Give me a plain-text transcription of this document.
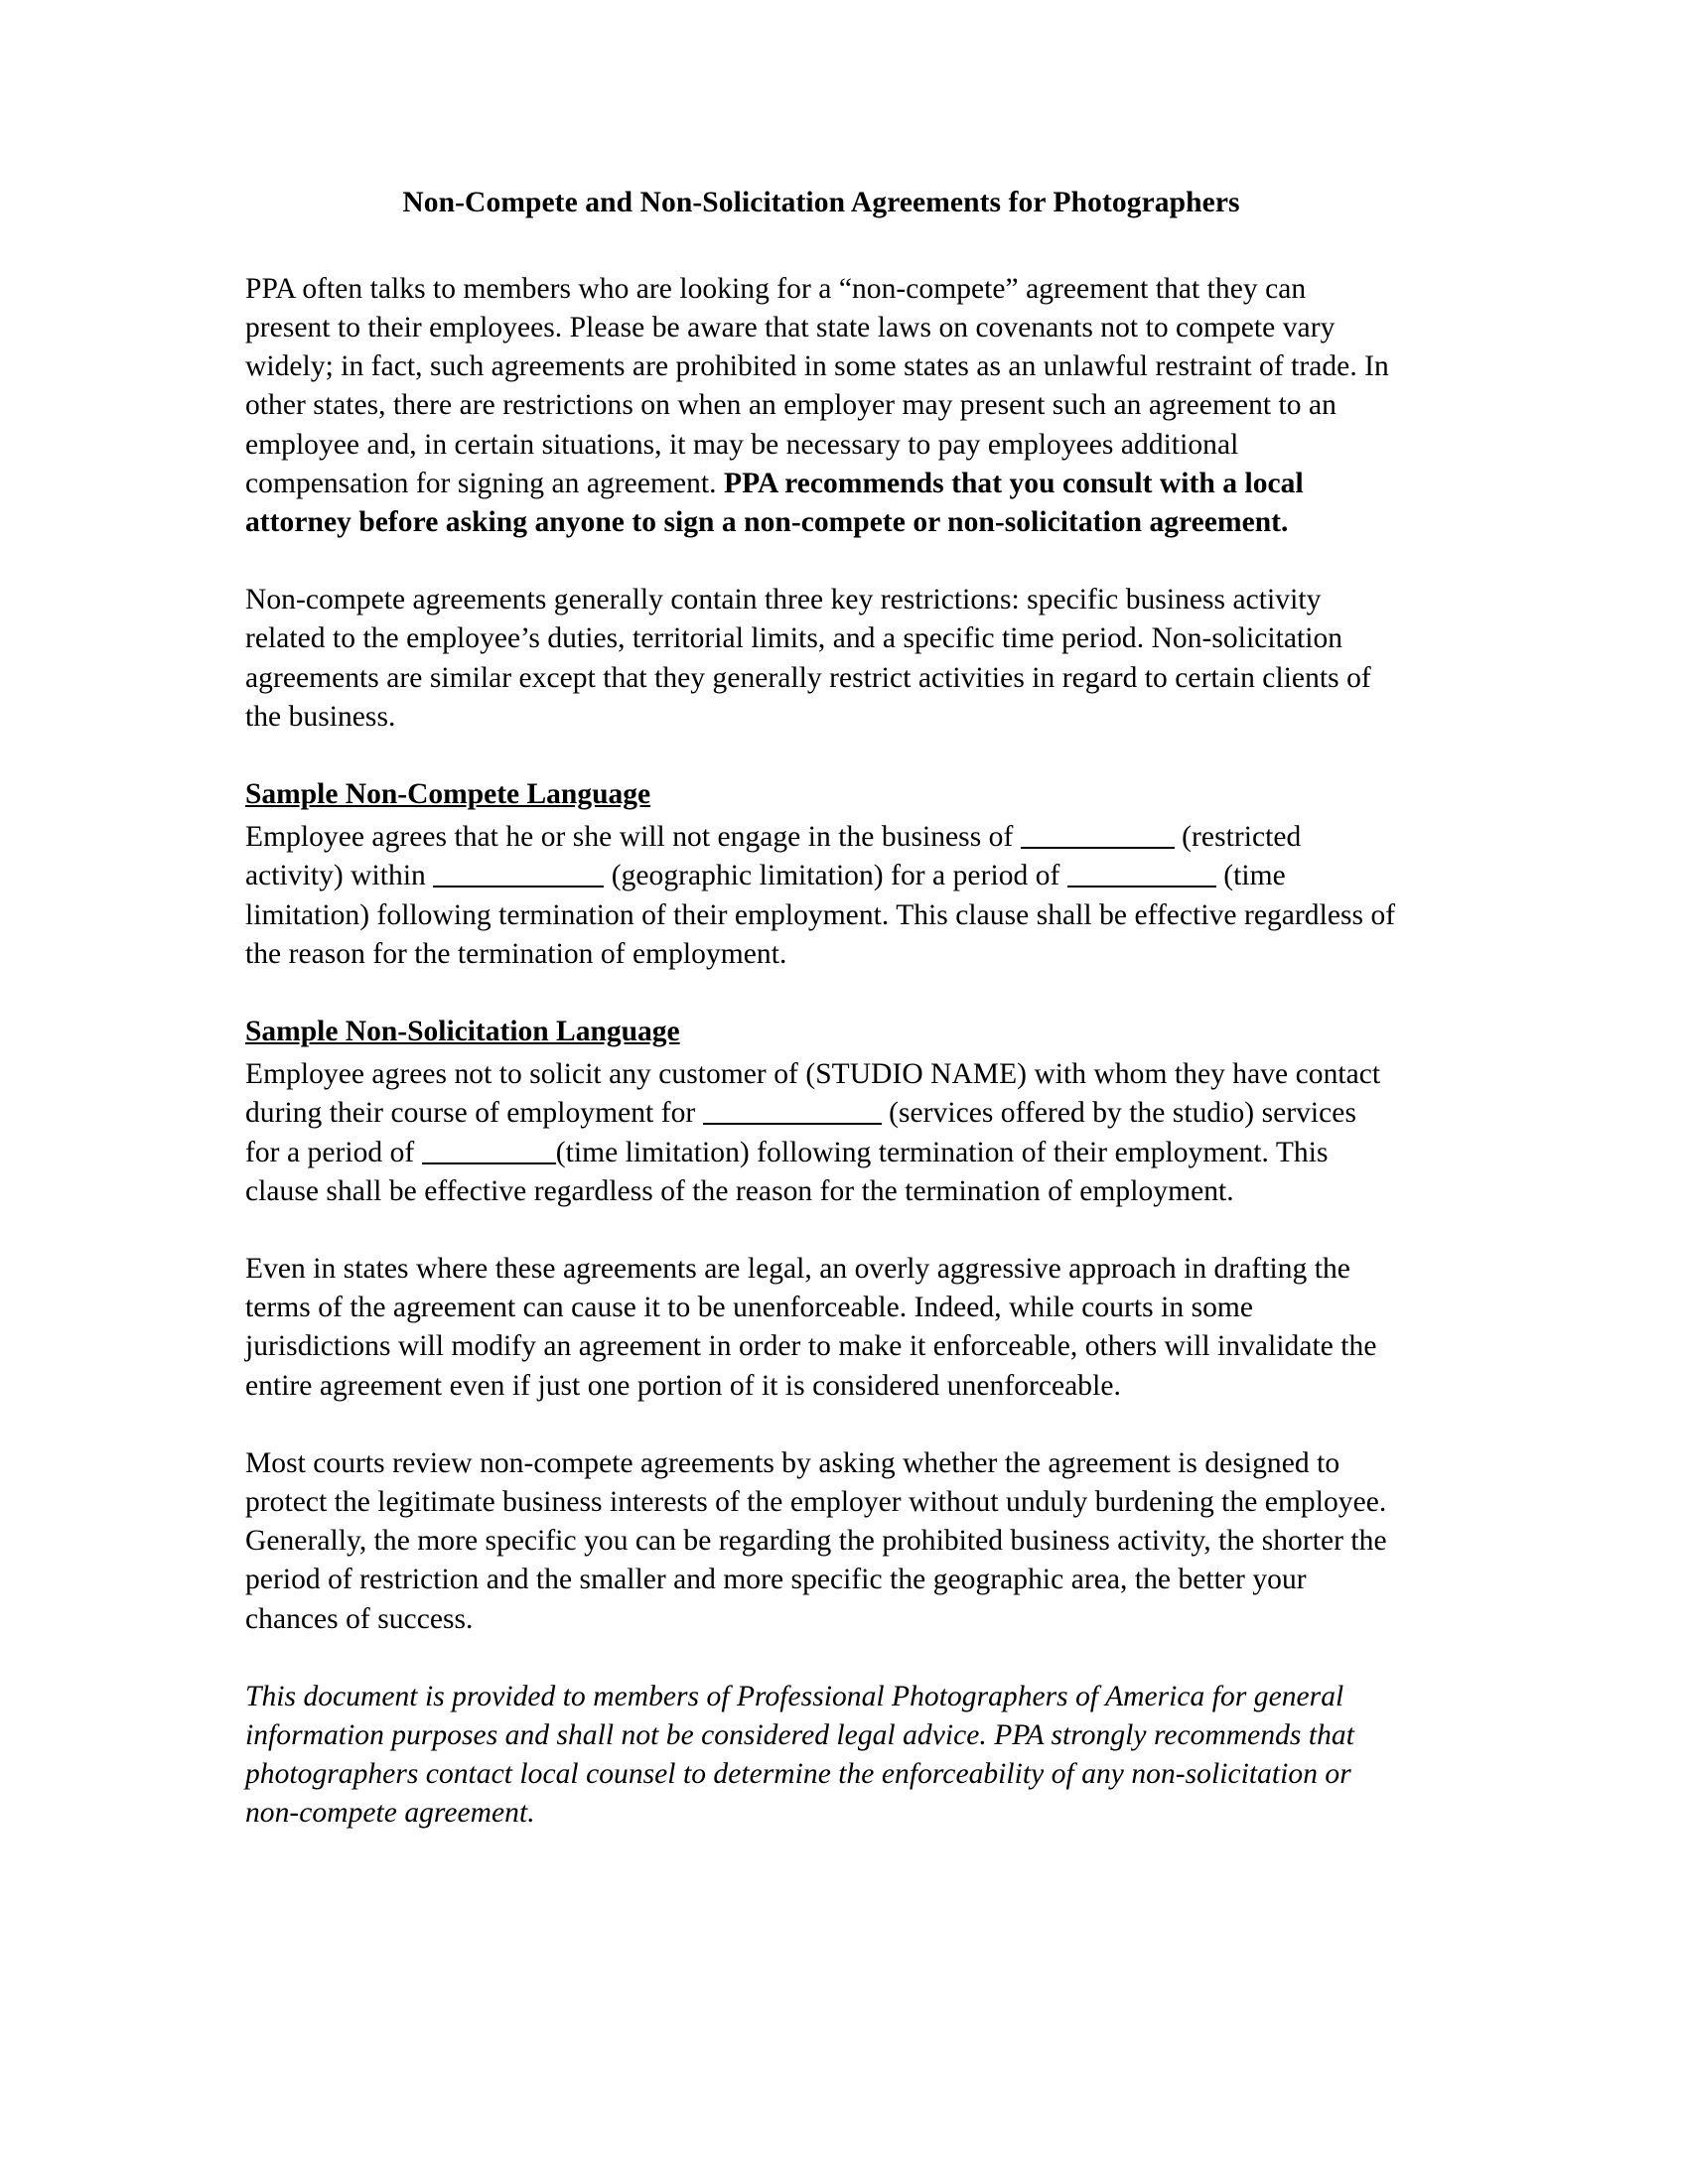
Non-Compete and Non-Solicitation Agreements for Photographers

PPA often talks to members who are looking for a “non-compete” agreement that they can present to their employees. Please be aware that state laws on covenants not to compete vary widely; in fact, such agreements are prohibited in some states as an unlawful restraint of trade. In other states, there are restrictions on when an employer may present such an agreement to an employee and, in certain situations, it may be necessary to pay employees additional compensation for signing an agreement. PPA recommends that you consult with a local attorney before asking anyone to sign a non-compete or non-solicitation agreement.

Non-compete agreements generally contain three key restrictions: specific business activity related to the employee’s duties, territorial limits, and a specific time period. Non-solicitation agreements are similar except that they generally restrict activities in regard to certain clients of the business.

Sample Non-Compete Language

Employee agrees that he or she will not engage in the business of	(restricted activity) within	(geographic limitation) for a period of	(time limitation) following termination of their employment. This clause shall be effective regardless of the reason for the termination of employment.

Sample Non-Solicitation Language

Employee agrees not to solicit any customer of (STUDIO NAME) with whom they have contact during their course of employment for	(services offered by the studio) services for a period of	(time limitation) following termination of their employment. This clause shall be effective regardless of the reason for the termination of employment.

Even in states where these agreements are legal, an overly aggressive approach in drafting the terms of the agreement can cause it to be unenforceable. Indeed, while courts in some jurisdictions will modify an agreement in order to make it enforceable, others will invalidate the entire agreement even if just one portion of it is considered unenforceable.

Most courts review non-compete agreements by asking whether the agreement is designed to protect the legitimate business interests of the employer without unduly burdening the employee. Generally, the more specific you can be regarding the prohibited business activity, the shorter the period of restriction and the smaller and more specific the geographic area, the better your chances of success.

This document is provided to members of Professional Photographers of America for general information purposes and shall not be considered legal advice. PPA strongly recommends that photographers contact local counsel to determine the enforceability of any non-solicitation or non-compete agreement.
